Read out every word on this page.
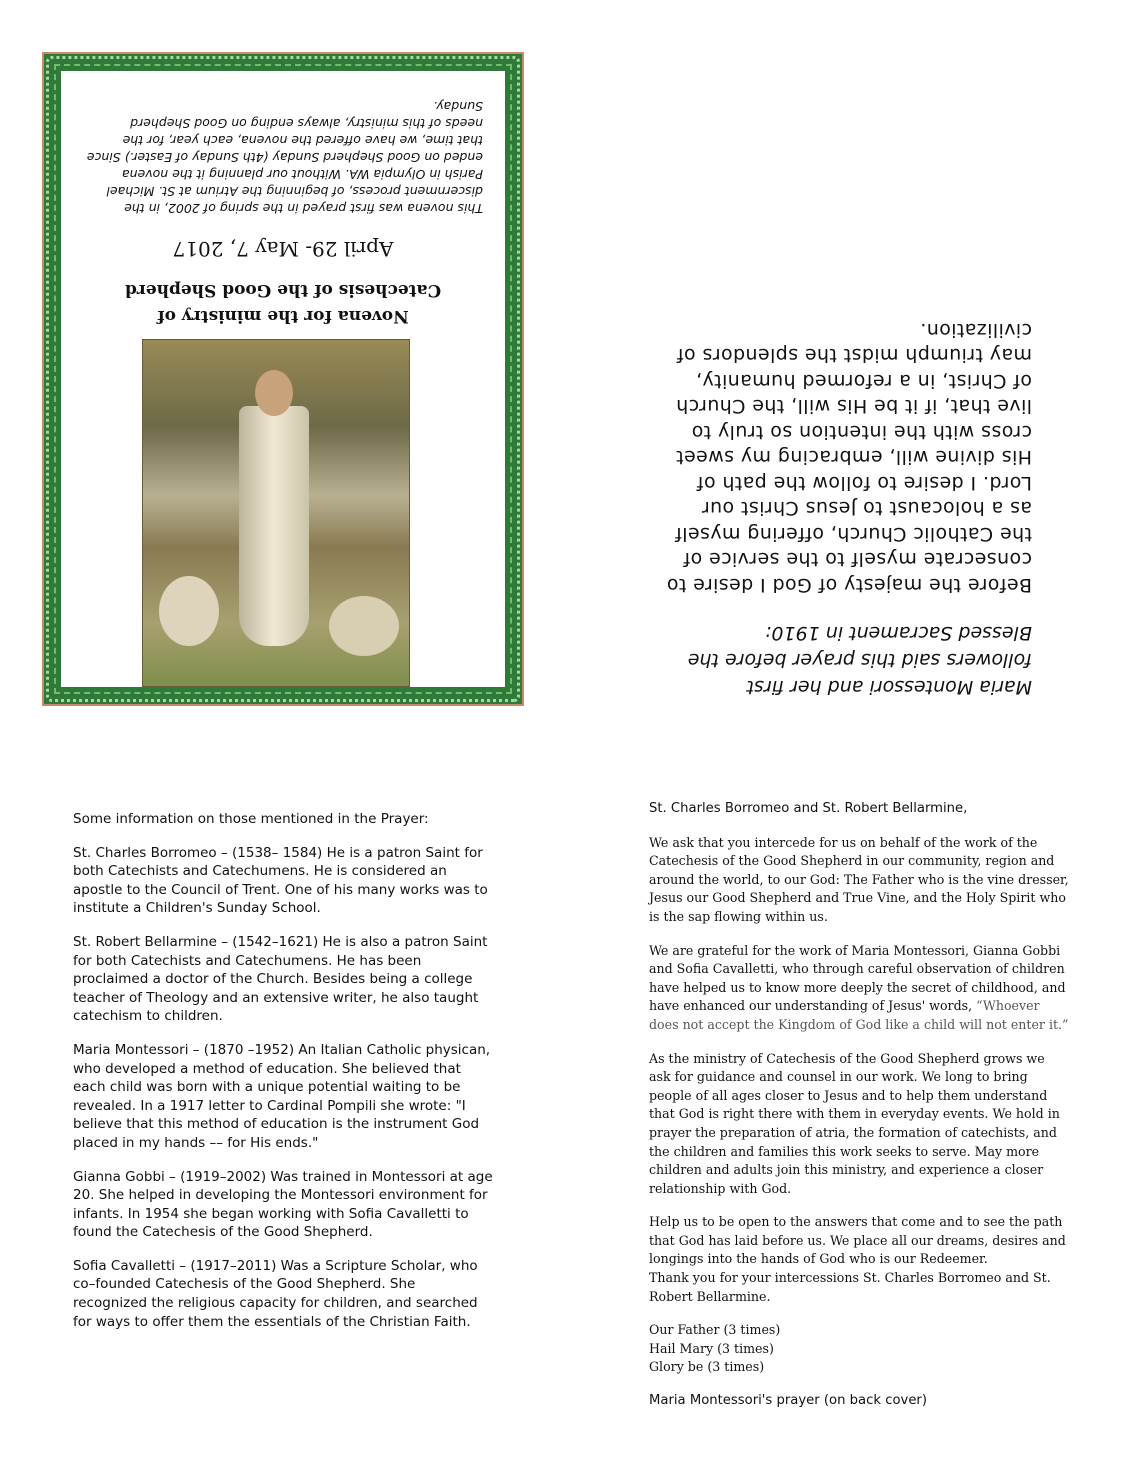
Novena for the ministry of
Catechesis of the Good Shepherd
April 29- May 7, 2017
This novena was first prayed in the spring of 2002, in the discernment process, of beginning the Atrium at St. Michael Parish in Olympia WA. Without our planning it the novena ended on Good Shepherd Sunday (4th Sunday of Easter.) Since that time, we have offered the novena, each year, for the needs of this ministry, always ending on Good Shepherd Sunday.

Maria Montessori and her first followers said this prayer before the Blessed Sacrament in 1910:

Before the majesty of God I desire to consecrate myself to the service of the Catholic Church, offering myself as a holocaust to Jesus Christ our Lord. I desire to follow the path of His divine will, embracing my sweet cross with the intention so truly to live that, if it be His will, the Church of Christ, in a reformed humanity, may triumph midst the splendors of civilization.

Some information on those mentioned in the Prayer:

St. Charles Borromeo – (1538– 1584) He is a patron Saint for both Catechists and Catechumens. He is considered an apostle to the Council of Trent. One of his many works was to institute a Children's Sunday School.

St. Robert Bellarmine – (1542–1621) He is also a patron Saint for both Catechists and Catechumens. He has been proclaimed a doctor of the Church. Besides being a college teacher of Theology and an extensive writer, he also taught catechism to children.

Maria Montessori – (1870 –1952) An Italian Catholic physican, who developed a method of education. She believed that each child was born with a unique potential waiting to be revealed. In a 1917 letter to Cardinal Pompili she wrote: "I believe that this method of education is the instrument God placed in my hands –– for His ends."

Gianna Gobbi – (1919–2002) Was trained in Montessori at age 20. She helped in developing the Montessori environment for infants. In 1954 she began working with Sofia Cavalletti to found the Catechesis of the Good Shepherd.

Sofia Cavalletti – (1917–2011) Was a Scripture Scholar, who co–founded Catechesis of the Good Shepherd. She recognized the religious capacity for children, and searched for ways to offer them the essentials of the Christian Faith.

St. Charles Borromeo and St. Robert Bellarmine,

We ask that you intercede for us on behalf of the work of the Catechesis of the Good Shepherd in our community, region and around the world, to our God: The Father who is the vine dresser, Jesus our Good Shepherd and True Vine, and the Holy Spirit who is the sap flowing within us.

We are grateful for the work of Maria Montessori, Gianna Gobbi and Sofia Cavalletti, who through careful observation of children have helped us to know more deeply the secret of childhood, and have enhanced our understanding of Jesus' words, “Whoever does not accept the Kingdom of God like a child will not enter it.”

As the ministry of Catechesis of the Good Shepherd grows we ask for guidance and counsel in our work. We long to bring people of all ages closer to Jesus and to help them understand that God is right there with them in everyday events. We hold in prayer the preparation of atria, the formation of catechists, and the children and families this work seeks to serve. May more children and adults join this ministry, and experience a closer relationship with God.

Help us to be open to the answers that come and to see the path that God has laid before us. We place all our dreams, desires and longings into the hands of God who is our Redeemer.

Thank you for your intercessions St. Charles Borromeo and St. Robert Bellarmine.

Our Father (3 times)

Hail Mary (3 times)

Glory be (3 times)

Maria Montessori's prayer (on back cover)
